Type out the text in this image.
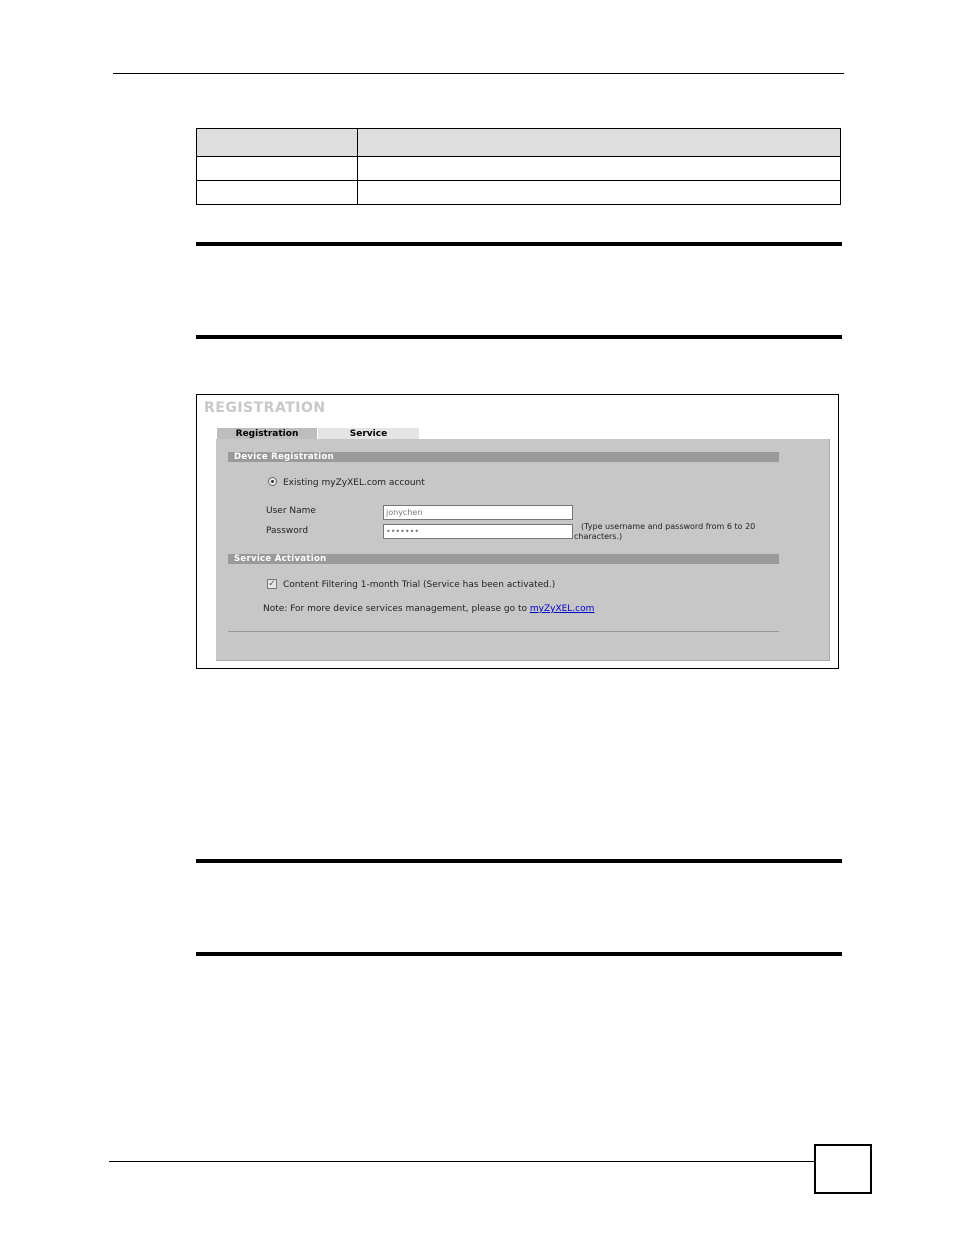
REGISTRATION
Registration	Service
Device Registration
Existing myZyXEL.com account
User Name	jonychen
Password	•••••••
(Type username and password from 6 to 20
characters.)
Service Activation
✓ Content Filtering 1-month Trial (Service has been activated.)
Note: For more device services management, please go to myZyXEL.com
